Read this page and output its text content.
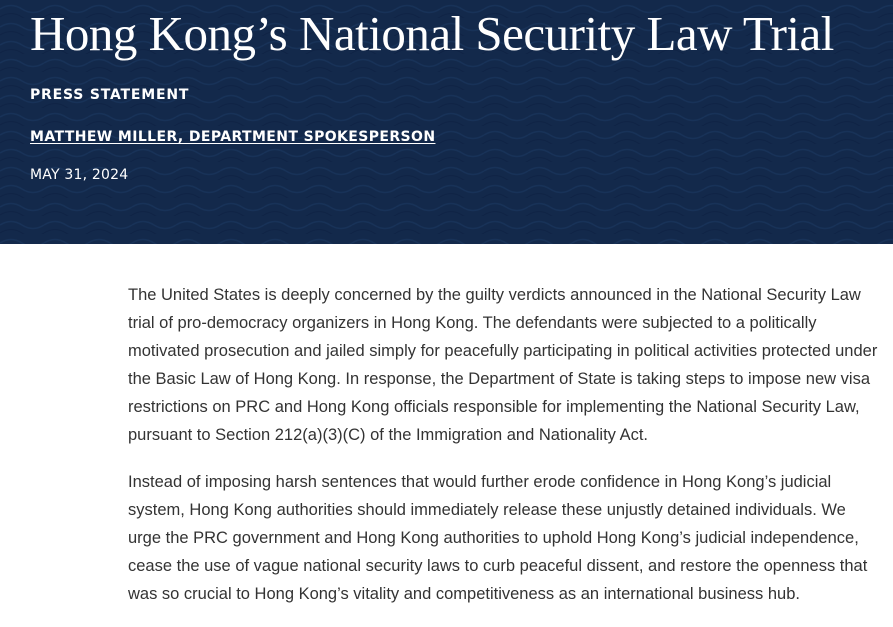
Hong Kong’s National Security Law Trial
PRESS STATEMENT
MATTHEW MILLER, DEPARTMENT SPOKESPERSON
MAY 31, 2024

The United States is deeply concerned by the guilty verdicts announced in the National Security Law trial of pro-democracy organizers in Hong Kong. The defendants were subjected to a politically motivated prosecution and jailed simply for peacefully participating in political activities protected under the Basic Law of Hong Kong. In response, the Department of State is taking steps to impose new visa restrictions on PRC and Hong Kong officials responsible for implementing the National Security Law, pursuant to Section 212(a)(3)(C) of the Immigration and Nationality Act.

Instead of imposing harsh sentences that would further erode confidence in Hong Kong’s judicial system, Hong Kong authorities should immediately release these unjustly detained individuals. We urge the PRC government and Hong Kong authorities to uphold Hong Kong’s judicial independence, cease the use of vague national security laws to curb peaceful dissent, and restore the openness that was so crucial to Hong Kong’s vitality and competitiveness as an international business hub.
